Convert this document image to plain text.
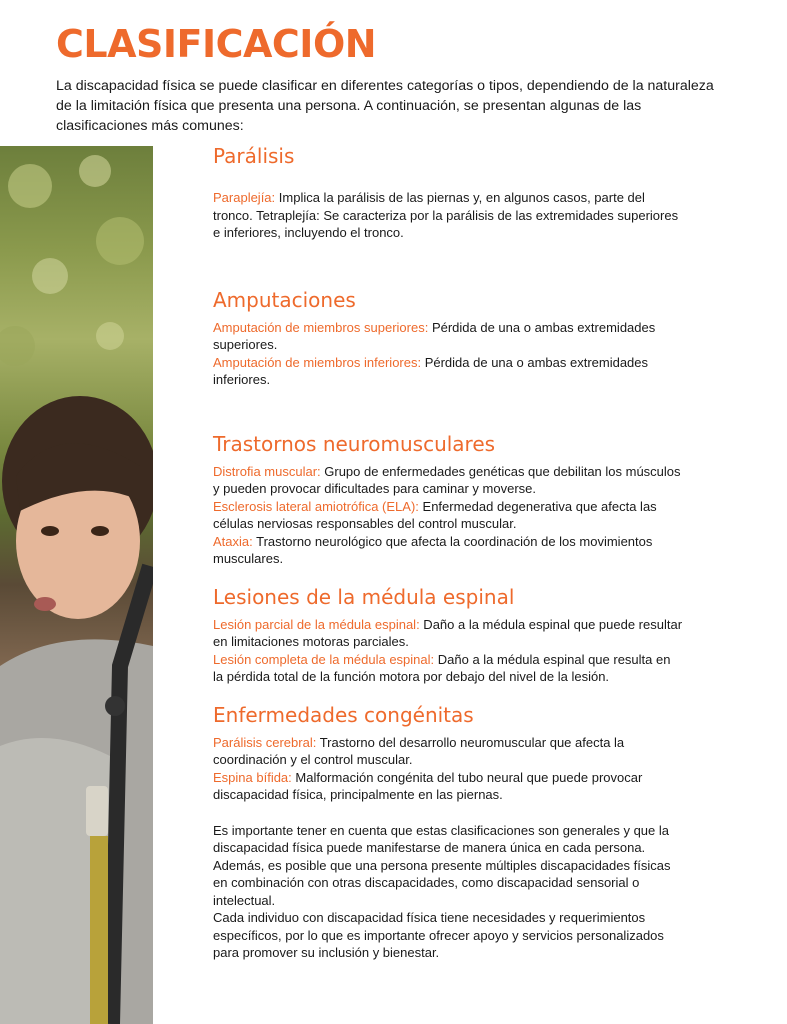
CLASIFICACIÓN

La discapacidad física se puede clasificar en diferentes categorías o tipos, dependiendo de la naturaleza de la limitación física que presenta una persona. A continuación, se presentan algunas de las clasificaciones más comunes:

Parálisis

Paraplejía: Implica la parálisis de las piernas y, en algunos casos, parte del tronco. Tetraplejía: Se caracteriza por la parálisis de las extremidades superiores e inferiores, incluyendo el tronco.

Amputaciones

Amputación de miembros superiores: Pérdida de una o ambas extremidades superiores.

Amputación de miembros inferiores: Pérdida de una o ambas extremidades inferiores.

Trastornos neuromusculares

Distrofia muscular: Grupo de enfermedades genéticas que debilitan los músculos y pueden provocar dificultades para caminar y moverse.

Esclerosis lateral amiotrófica (ELA): Enfermedad degenerativa que afecta las células nerviosas responsables del control muscular.

Ataxia: Trastorno neurológico que afecta la coordinación de los movimientos musculares.

Lesiones de la médula espinal

Lesión parcial de la médula espinal: Daño a la médula espinal que puede resultar en limitaciones motoras parciales.

Lesión completa de la médula espinal: Daño a la médula espinal que resulta en la pérdida total de la función motora por debajo del nivel de la lesión.

Enfermedades congénitas

Parálisis cerebral: Trastorno del desarrollo neuromuscular que afecta la coordinación y el control muscular.

Espina bífida: Malformación congénita del tubo neural que puede provocar discapacidad física, principalmente en las piernas.

Es importante tener en cuenta que estas clasificaciones son generales y que la discapacidad física puede manifestarse de manera única en cada persona.

Además, es posible que una persona presente múltiples discapacidades físicas en combinación con otras discapacidades, como discapacidad sensorial o intelectual.

Cada individuo con discapacidad física tiene necesidades y requerimientos específicos, por lo que es importante ofrecer apoyo y servicios personalizados para promover su inclusión y bienestar.
